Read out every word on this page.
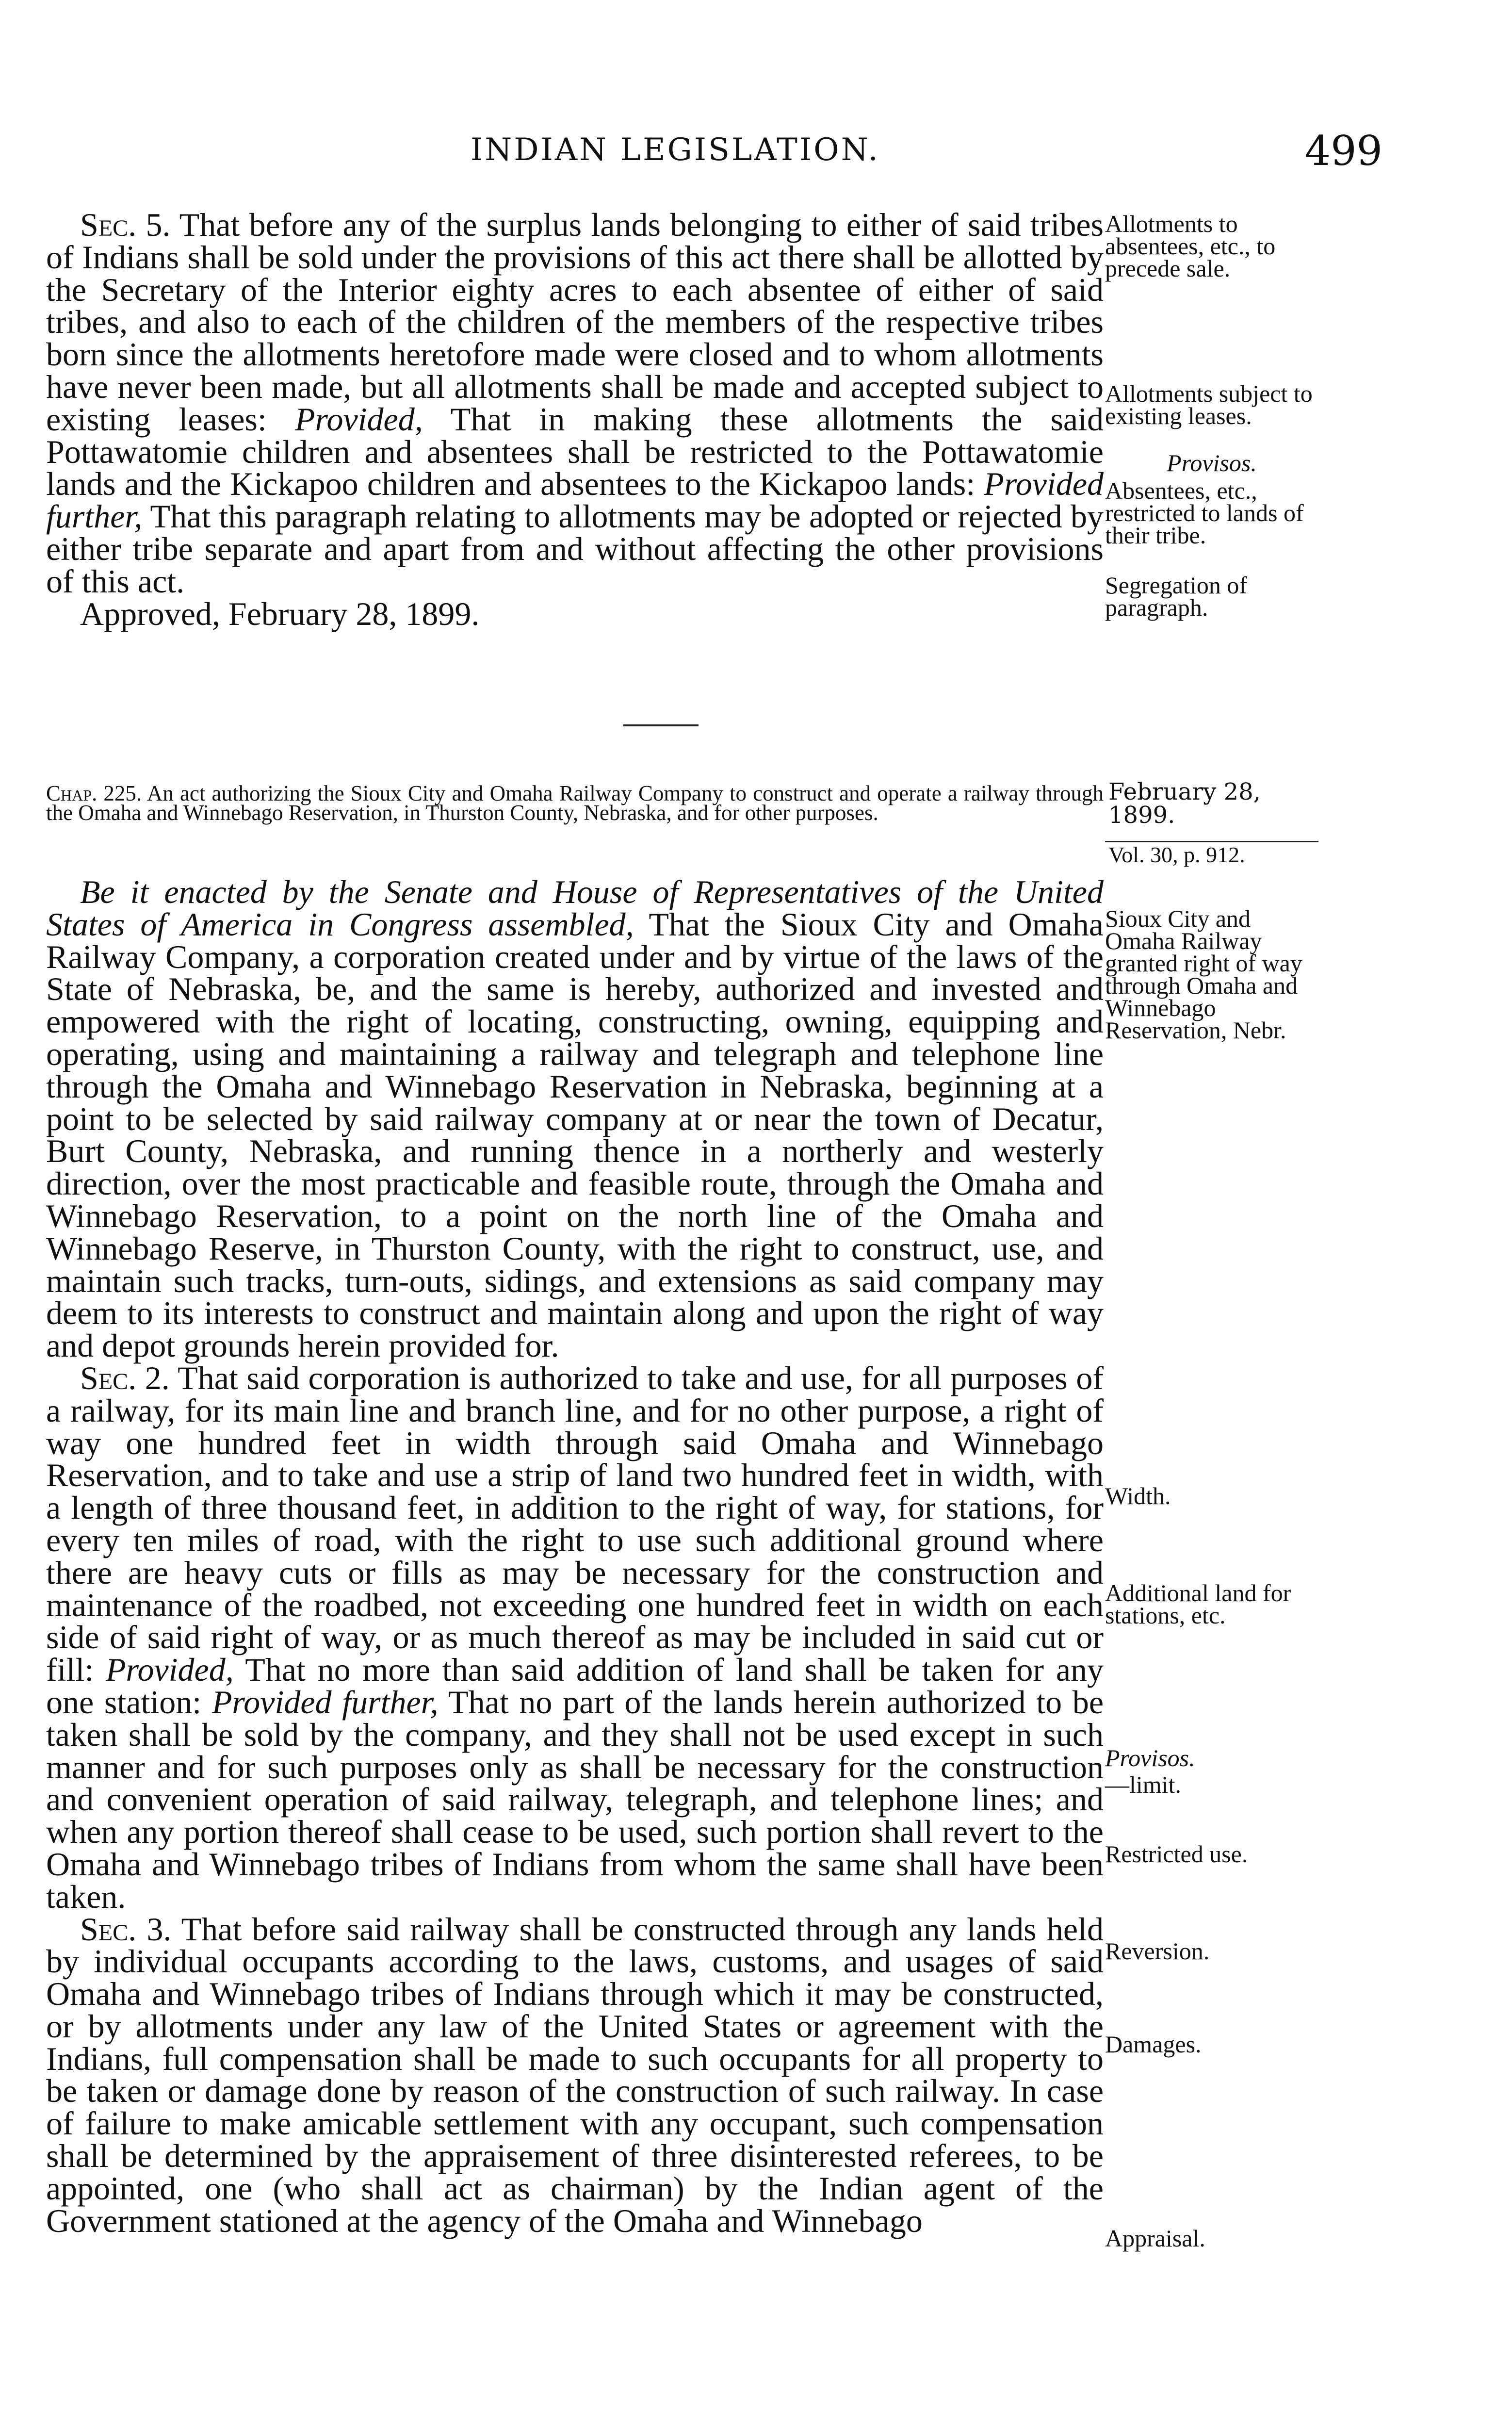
INDIAN LEGISLATION.	499

Sec. 5. That before any of the surplus lands belonging to either of said tribes of Indians shall be sold under the provisions of this act there shall be allotted by the Secretary of the Interior eighty acres to each absentee of either of said tribes, and also to each of the children of the members of the respective tribes born since the allotments heretofore made were closed and to whom allotments have never been made, but all allotments shall be made and accepted subject to existing leases: Provided, That in making these allotments the said Pottawatomie children and absentees shall be restricted to the Pottawatomie lands and the Kickapoo children and absentees to the Kickapoo lands: Provided further, That this paragraph relating to allotments may be adopted or rejected by either tribe separate and apart from and without affecting the other provisions of this act.

Approved, February 28, 1899.

Allotments to absentees, etc., to precede sale.
Allotments subject to existing leases.
Provisos.
Absentees, etc., restricted to lands of their tribe.
Segregation of paragraph.
Chap. 225. An act authorizing the Sioux City and Omaha Railway Company to construct and operate a railway through the Omaha and Winnebago Reservation, in Thurston County, Nebraska, and for other purposes.
February 28, 1899.
Vol. 30, p. 912.

Be it enacted by the Senate and House of Representatives of the United States of America in Congress assembled, That the Sioux City and Omaha Railway Company, a corporation created under and by virtue of the laws of the State of Nebraska, be, and the same is hereby, authorized and invested and empowered with the right of locating, constructing, owning, equipping and operating, using and maintaining a railway and telegraph and telephone line through the Omaha and Winnebago Reservation in Nebraska, beginning at a point to be selected by said railway company at or near the town of Decatur, Burt County, Nebraska, and running thence in a northerly and westerly direction, over the most practicable and feasible route, through the Omaha and Winnebago Reservation, to a point on the north line of the Omaha and Winnebago Reserve, in Thurston County, with the right to construct, use, and maintain such tracks, turn-outs, sidings, and extensions as said company may deem to its interests to construct and maintain along and upon the right of way and depot grounds herein provided for.

Sec. 2. That said corporation is authorized to take and use, for all purposes of a railway, for its main line and branch line, and for no other purpose, a right of way one hundred feet in width through said Omaha and Winnebago Reservation, and to take and use a strip of land two hundred feet in width, with a length of three thousand feet, in addition to the right of way, for stations, for every ten miles of road, with the right to use such additional ground where there are heavy cuts or fills as may be necessary for the construction and maintenance of the roadbed, not exceeding one hundred feet in width on each side of said right of way, or as much thereof as may be included in said cut or fill: Provided, That no more than said addition of land shall be taken for any one station: Provided further, That no part of the lands herein authorized to be taken shall be sold by the company, and they shall not be used except in such manner and for such purposes only as shall be necessary for the construction and convenient operation of said railway, telegraph, and telephone lines; and when any portion thereof shall cease to be used, such portion shall revert to the Omaha and Winnebago tribes of Indians from whom the same shall have been taken.

Sec. 3. That before said railway shall be constructed through any lands held by individual occupants according to the laws, customs, and usages of said Omaha and Winnebago tribes of Indians through which it may be constructed, or by allotments under any law of the United States or agreement with the Indians, full compensation shall be made to such occupants for all property to be taken or damage done by reason of the construction of such railway. In case of failure to make amicable settlement with any occupant, such compensation shall be determined by the appraisement of three disinterested referees, to be appointed, one (who shall act as chairman) by the Indian agent of the Government stationed at the agency of the Omaha and Winnebago

Sioux City and Omaha Railway granted right of way through Omaha and Winnebago Reservation, Nebr.
Width.
Additional land for stations, etc.
Provisos.
—limit.
Restricted use.
Reversion.
Damages.
Appraisal.
